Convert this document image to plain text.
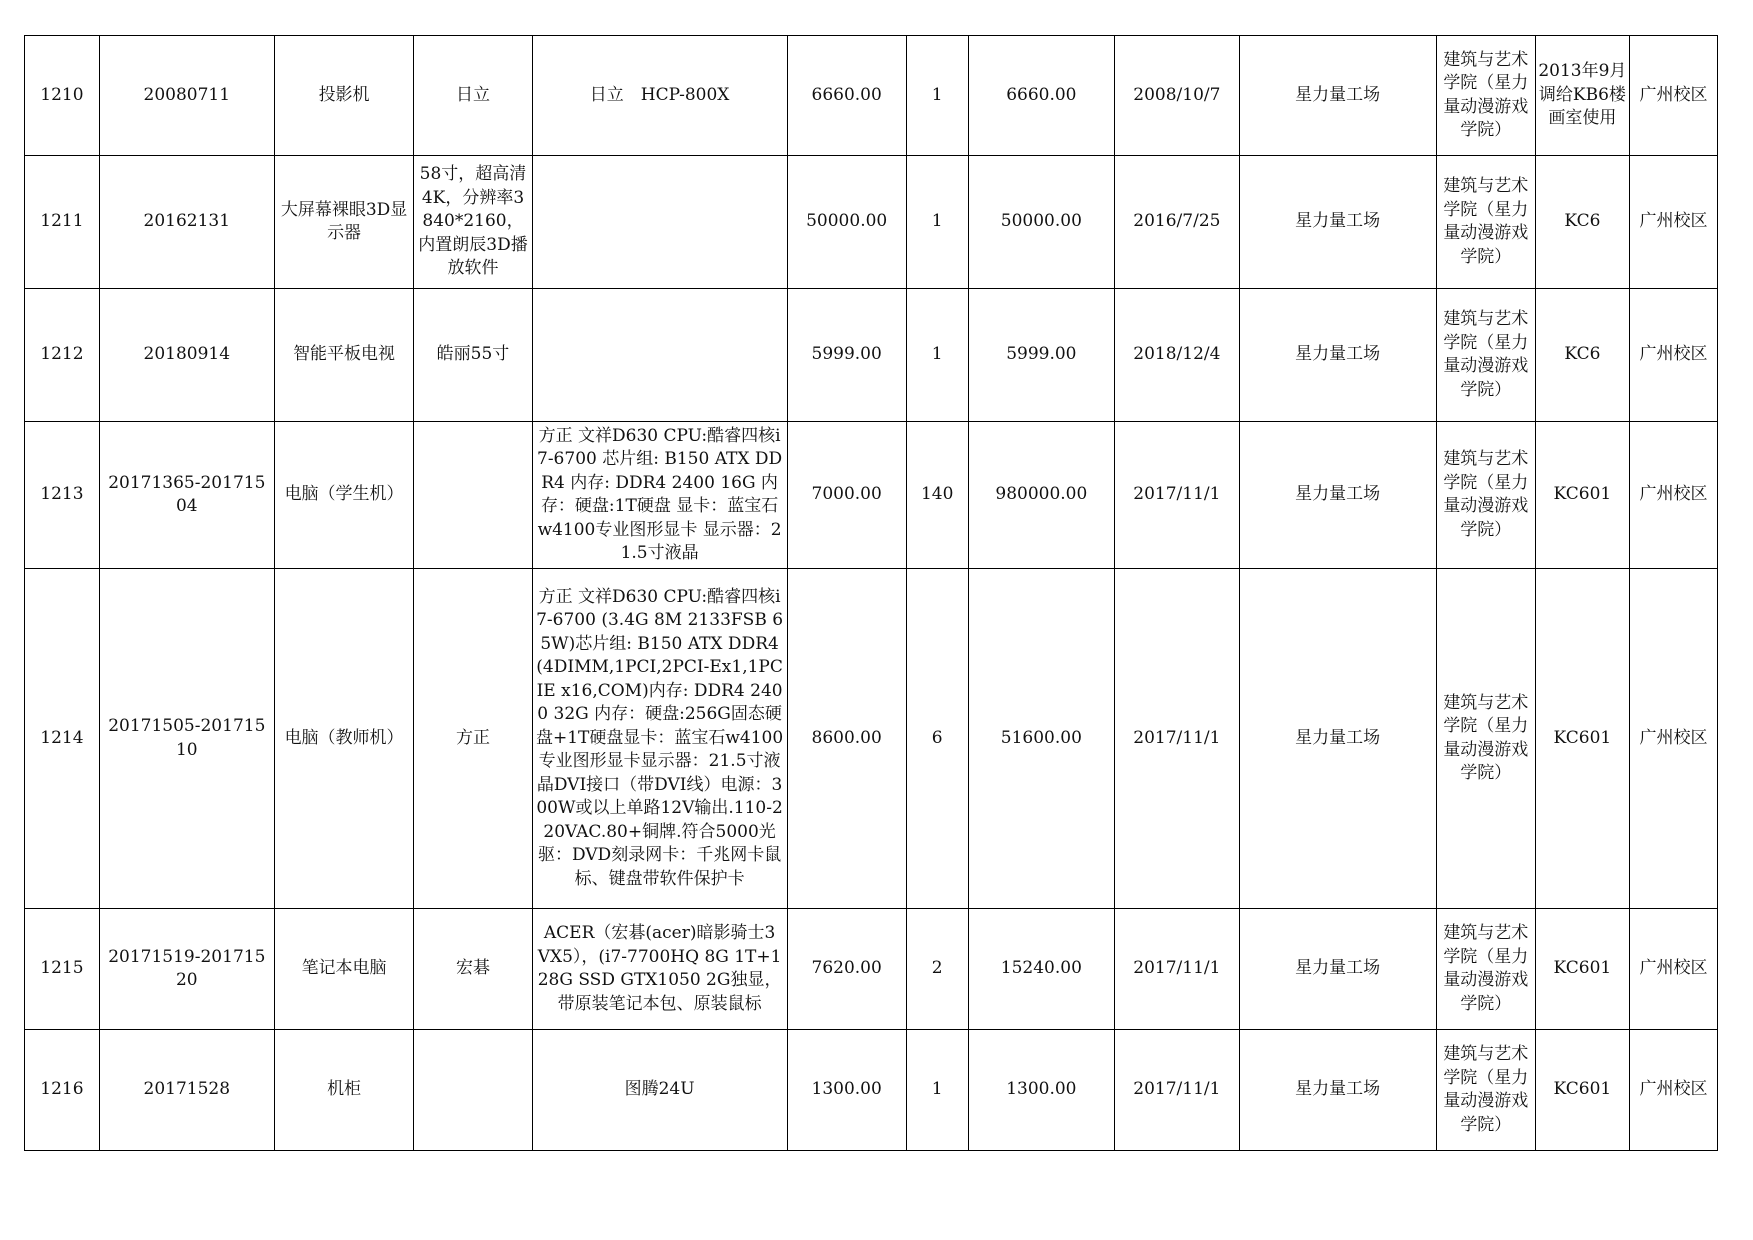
1210	20080711	投影机	日立	日立　HCP-800X	6660.00	1	6660.00	2008/10/7	星力量工场	建筑与艺术学院（星力量动漫游戏学院）	2013年9月调给KB6楼画室使用	广州校区
1211	20162131	大屏幕裸眼3D显示器	58寸，超高清4K，分辨率3840*2160，内置朗辰3D播放软件		50000.00	1	50000.00	2016/7/25	星力量工场	建筑与艺术学院（星力量动漫游戏学院）	KC6	广州校区
1212	20180914	智能平板电视	皓丽55寸		5999.00	1	5999.00	2018/12/4	星力量工场	建筑与艺术学院（星力量动漫游戏学院）	KC6	广州校区
1213	20171365-20171504	电脑（学生机）		方正 文祥D630 CPU:酷睿四核i7-6700 芯片组: B150 ATX DDR4 内存: DDR4 2400 16G 内存：硬盘:1T硬盘 显卡：蓝宝石w4100专业图形显卡 显示器：21.5寸液晶	7000.00	140	980000.00	2017/11/1	星力量工场	建筑与艺术学院（星力量动漫游戏学院）	KC601	广州校区
1214	20171505-20171510	电脑（教师机）	方正	方正 文祥D630 CPU:酷睿四核i7-6700 (3.4G 8M 2133FSB 65W)芯片组: B150 ATX DDR4(4DIMM,1PCI,2PCI-Ex1,1PCIE x16,COM)内存: DDR4 2400 32G 内存：硬盘:256G固态硬盘+1T硬盘显卡：蓝宝石w4100专业图形显卡显示器：21.5寸液晶DVI接口（带DVI线）电源：300W或以上单路12V输出.110-220VAC.80+铜牌.符合5000光驱：DVD刻录网卡：千兆网卡鼠标、键盘带软件保护卡	8600.00	6	51600.00	2017/11/1	星力量工场	建筑与艺术学院（星力量动漫游戏学院）	KC601	广州校区
1215	20171519-20171520	笔记本电脑	宏碁	ACER（宏碁(acer)暗影骑士3 VX5），(i7-7700HQ 8G 1T+128G SSD GTX1050 2G独显，带原装笔记本包、原装鼠标	7620.00	2	15240.00	2017/11/1	星力量工场	建筑与艺术学院（星力量动漫游戏学院）	KC601	广州校区
1216	20171528	机柜		图腾24U	1300.00	1	1300.00	2017/11/1	星力量工场	建筑与艺术学院（星力量动漫游戏学院）	KC601	广州校区
